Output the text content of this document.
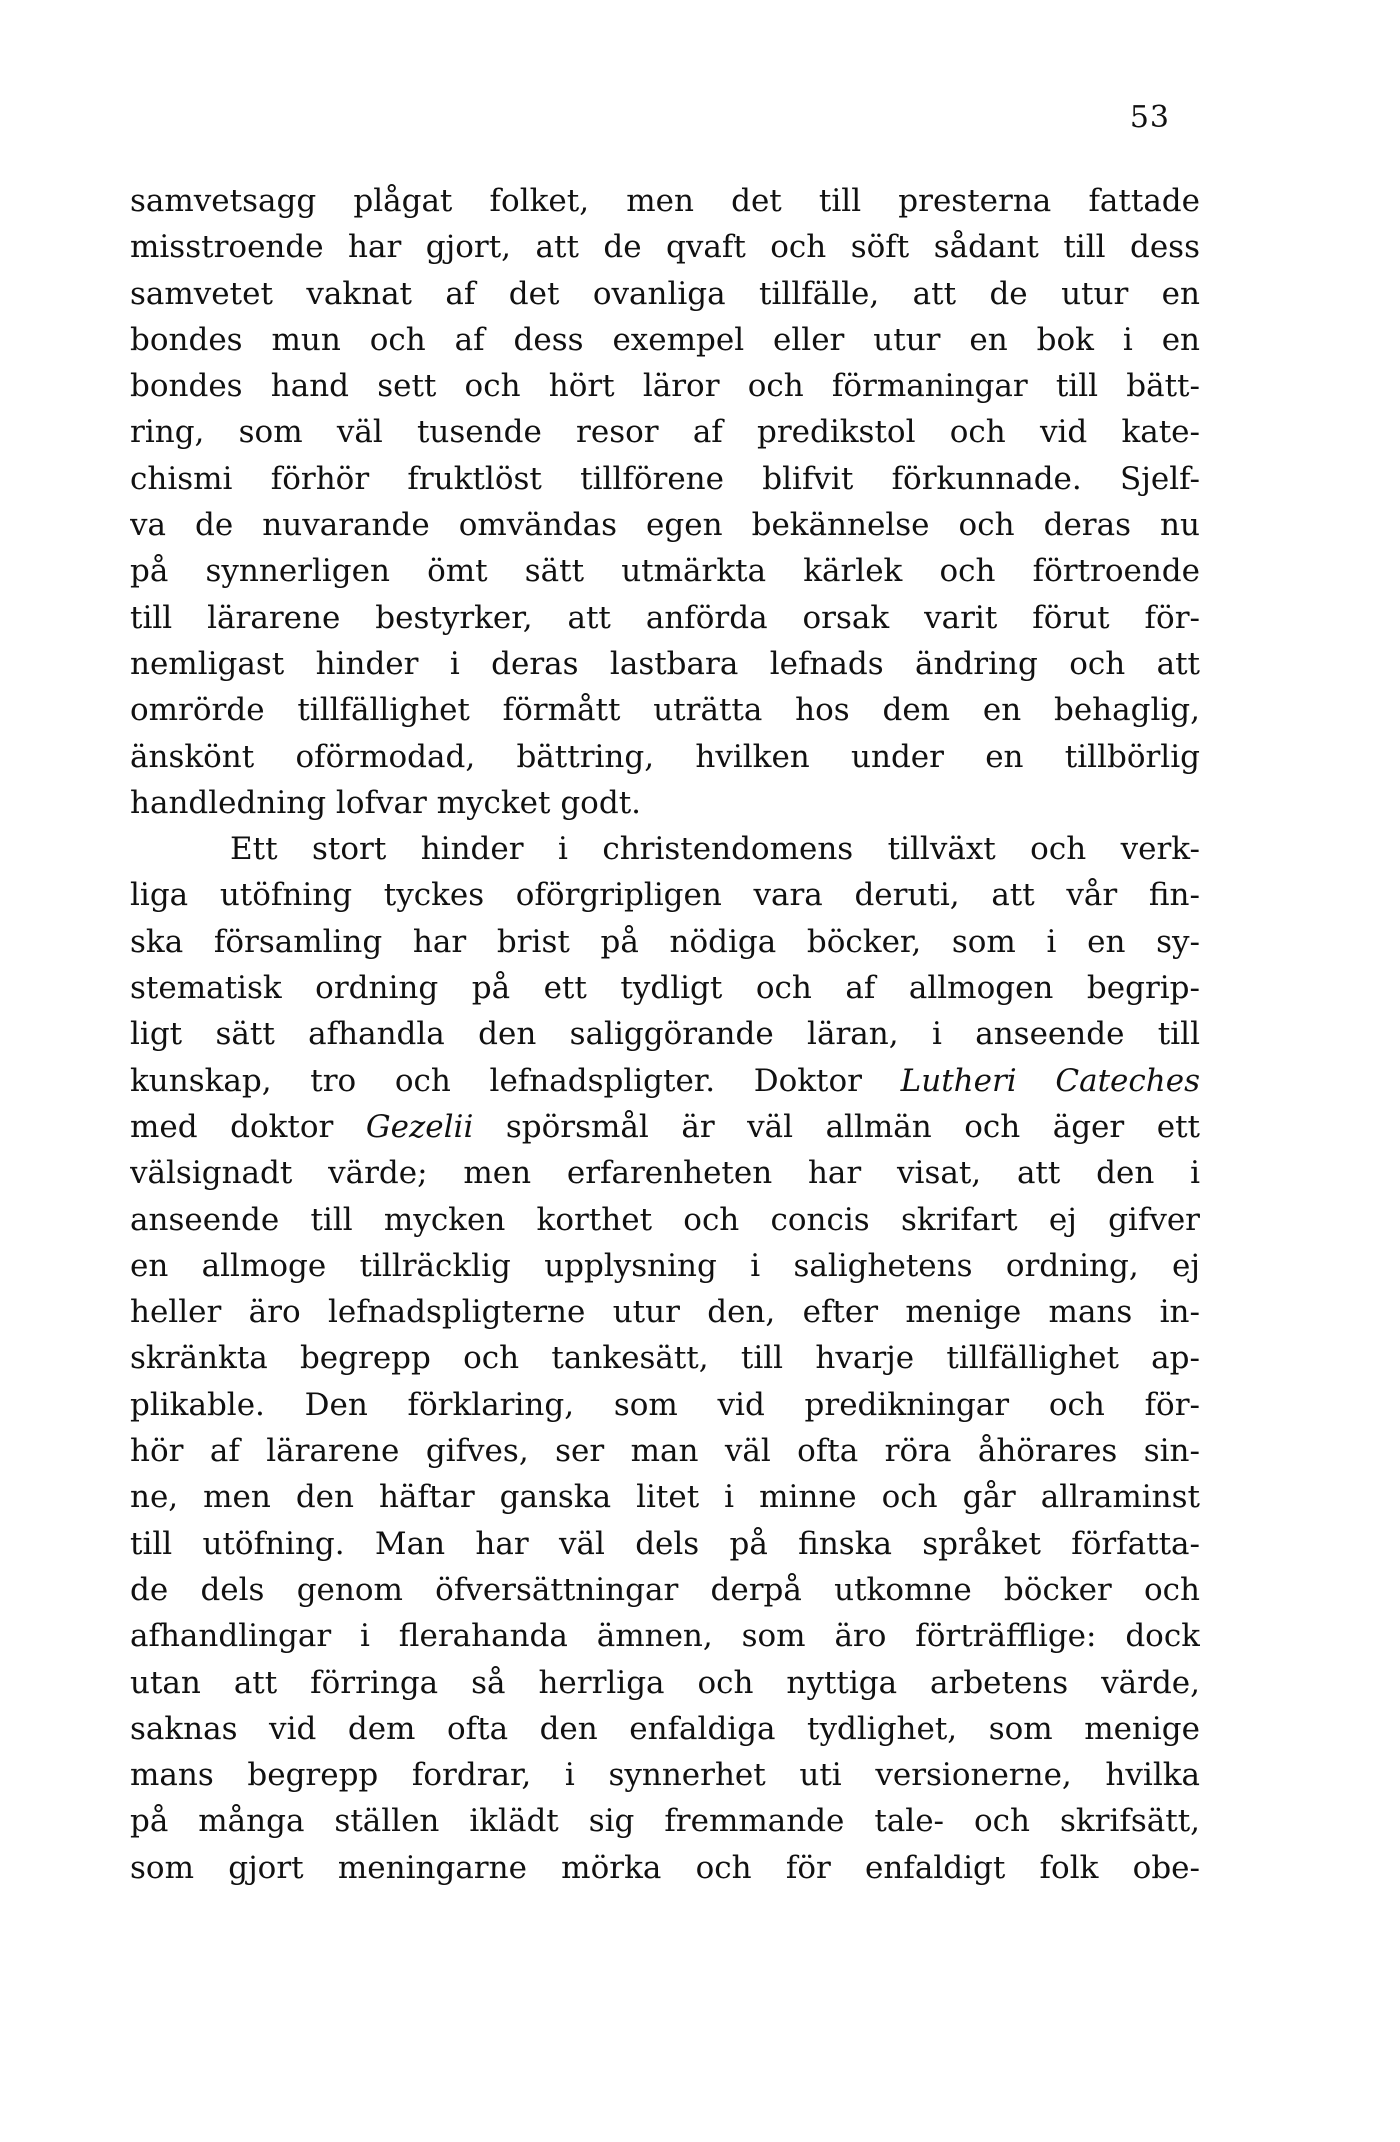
53
samvetsagg plågat folket, men det till presterna fattade
misstroende har gjort, att de qvaft och söft sådant till dess
samvetet vaknat af det ovanliga tillfälle, att de utur en
bondes mun och af dess exempel eller utur en bok i en
bondes hand sett och hört läror och förmaningar till bätt-
ring, som väl tusende resor af predikstol och vid kate-
chismi förhör fruktlöst tillförene blifvit förkunnade. Sjelf-
va de nuvarande omvändas egen bekännelse och deras nu
på synnerligen ömt sätt utmärkta kärlek och förtroende
till lärarene bestyrker, att anförda orsak varit förut för-
nemligast hinder i deras lastbara lefnads ändring och att
omrörde tillfällighet förmått uträtta hos dem en behaglig,
änskönt oförmodad, bättring, hvilken under en tillbörlig
handledning lofvar mycket godt.
Ett stort hinder i christendomens tillväxt och verk-
liga utöfning tyckes oförgripligen vara deruti, att vår fin-
ska församling har brist på nödiga böcker, som i en sy-
stematisk ordning på ett tydligt och af allmogen begrip-
ligt sätt afhandla den saliggörande läran, i anseende till
kunskap, tro och lefnadspligter. Doktor Lutheri Cateches
med doktor Gezelii spörsmål är väl allmän och äger ett
välsignadt värde; men erfarenheten har visat, att den i
anseende till mycken korthet och concis skrifart ej gifver
en allmoge tillräcklig upplysning i salighetens ordning, ej
heller äro lefnadspligterne utur den, efter menige mans in-
skränkta begrepp och tankesätt, till hvarje tillfällighet ap-
plikable. Den förklaring, som vid predikningar och för-
hör af lärarene gifves, ser man väl ofta röra åhörares sin-
ne, men den häftar ganska litet i minne och går allraminst
till utöfning. Man har väl dels på finska språket författa-
de dels genom öfversättningar derpå utkomne böcker och
afhandlingar i flerahanda ämnen, som äro förträfflige: dock
utan att förringa så herrliga och nyttiga arbetens värde,
saknas vid dem ofta den enfaldiga tydlighet, som menige
mans begrepp fordrar, i synnerhet uti versionerne, hvilka
på många ställen iklädt sig fremmande tale- och skrifsätt,
som gjort meningarne mörka och för enfaldigt folk obe-
